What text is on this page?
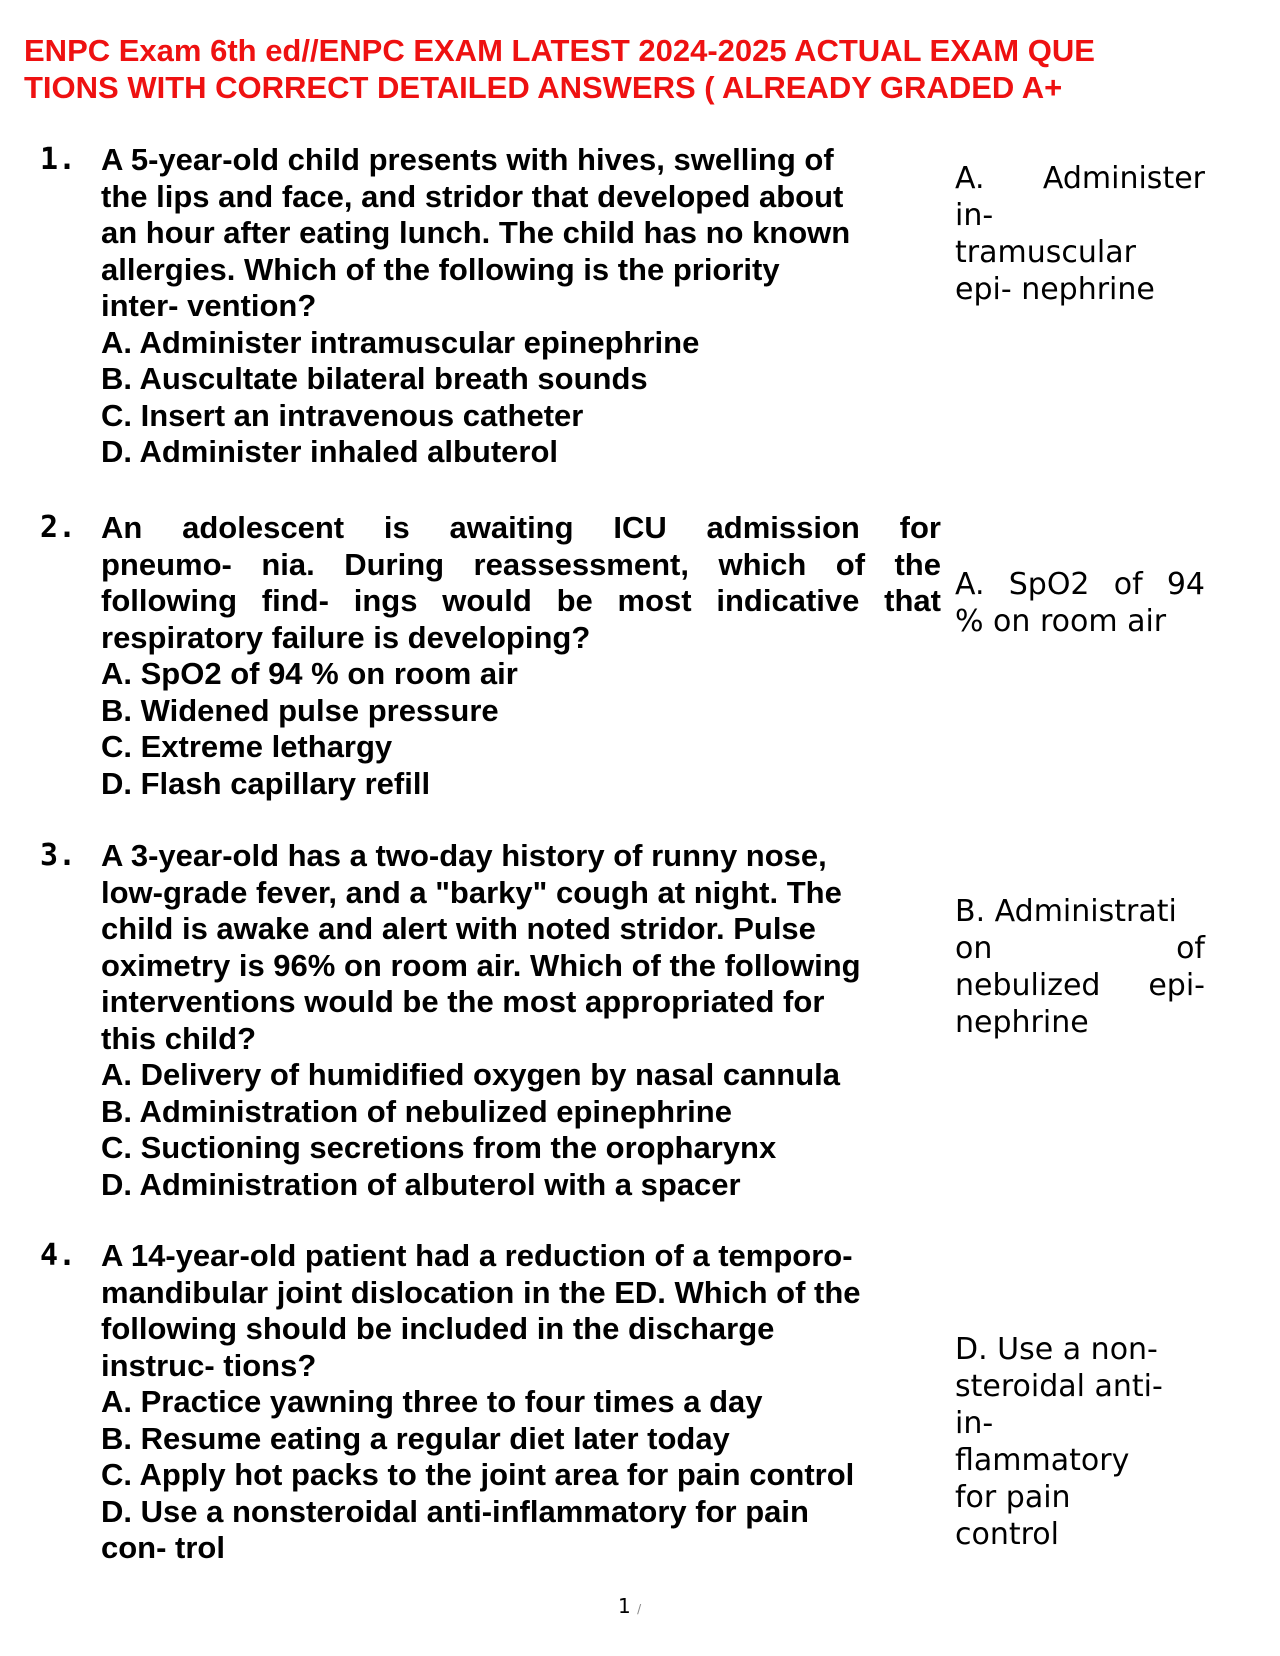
ENPC Exam 6th ed//ENPC EXAM LATEST 2024-2025 ACTUAL EXAM QUE
TIONS WITH CORRECT DETAILED ANSWERS ( ALREADY GRADED A+
1. A 5-year-old child presents with hives, swelling of
the lips and face, and stridor that developed about
an hour after eating lunch. The child has no known
allergies. Which of the following is the priority
inter- vention?
A. Administer intramuscular epinephrine
B. Auscultate bilateral breath sounds
C. Insert an intravenous catheter
D. Administer inhaled albuterol
A. Administer
in-
tramuscular
epi- nephrine
2. An adolescent is awaiting ICU admission for
pneumo- nia. During reassessment, which of the
following find- ings would be most indicative that
respiratory failure is developing?
A. SpO2 of 94 % on room air
B. Widened pulse pressure
C. Extreme lethargy
D. Flash capillary refill
A. SpO2 of 94
% on room air
3. A 3-year-old has a two-day history of runny nose,
low-grade fever, and a "barky" cough at night. The
child is awake and alert with noted stridor. Pulse
oximetry is 96% on room air. Which of the following
interventions would be the most appropriated for
this child?
A. Delivery of humidified oxygen by nasal cannula
B. Administration of nebulized epinephrine
C. Suctioning secretions from the oropharynx
D. Administration of albuterol with a spacer
B. Administrati
on of
nebulized epi-
nephrine
4. A 14-year-old patient had a reduction of a temporo-
mandibular joint dislocation in the ED. Which of the
following should be included in the discharge
instruc- tions?
A. Practice yawning three to four times a day
B. Resume eating a regular diet later today
C. Apply hot packs to the joint area for pain control
D. Use a nonsteroidal anti-inflammatory for pain
con- trol
D. Use a non-
steroidal anti-
in-
flammatory
for pain
control
1 /
